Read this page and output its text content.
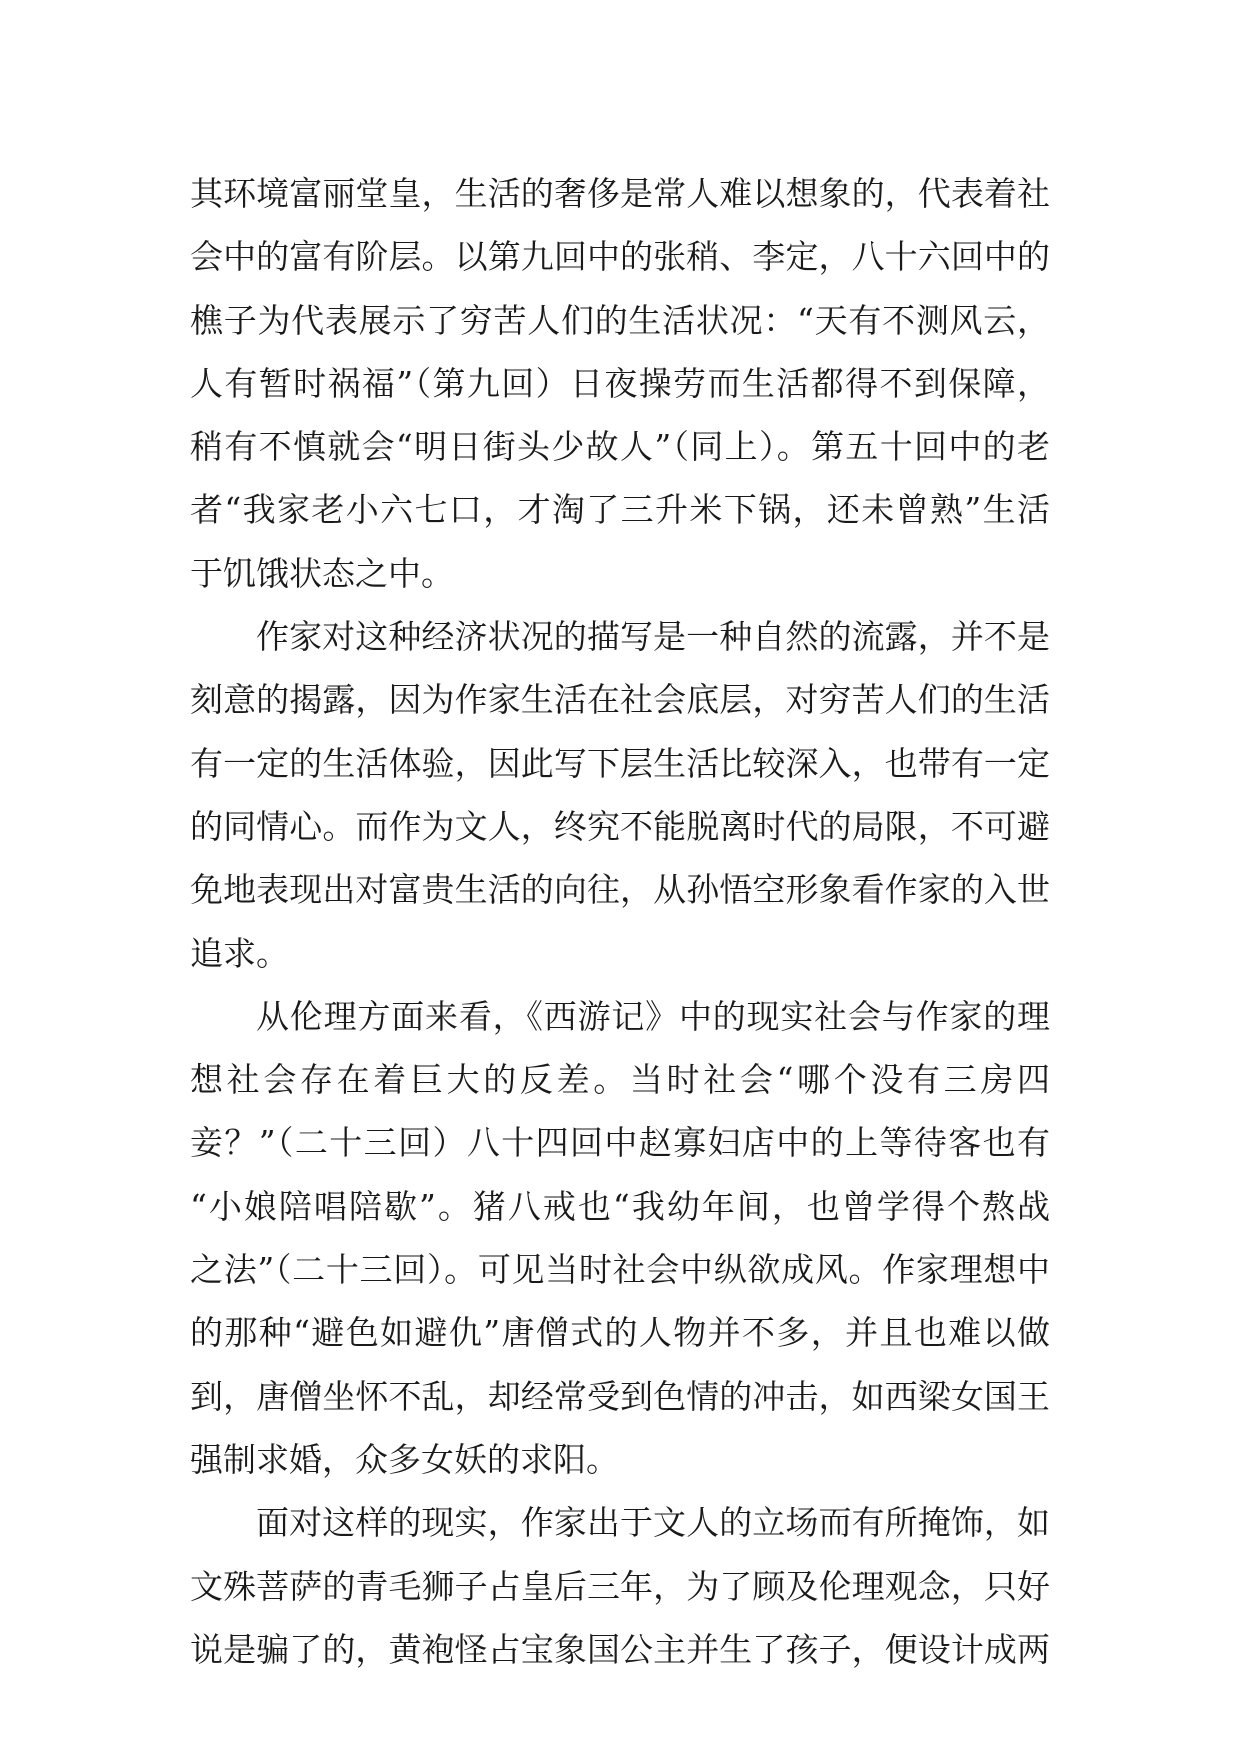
其环境富丽堂皇，生活的奢侈是常人难以想象的，代表着社
会中的富有阶层。以第九回中的张稍、李定，八十六回中的
樵子为代表展示了穷苦人们的生活状况：“天有不测风云，
人有暂时祸福”（第九回）日夜操劳而生活都得不到保障，
稍有不慎就会“明日街头少故人”（同上）。第五十回中的老
者“我家老小六七口，才淘了三升米下锅，还未曾熟”生活
于饥饿状态之中。
作家对这种经济状况的描写是一种自然的流露，并不是
刻意的揭露，因为作家生活在社会底层，对穷苦人们的生活
有一定的生活体验，因此写下层生活比较深入，也带有一定
的同情心。而作为文人，终究不能脱离时代的局限，不可避
免地表现出对富贵生活的向往，从孙悟空形象看作家的入世
追求。
从伦理方面来看，《西游记》中的现实社会与作家的理
想社会存在着巨大的反差。当时社会“哪个没有三房四
妾？”（二十三回）八十四回中赵寡妇店中的上等待客也有
“小娘陪唱陪歇”。猪八戒也“我幼年间，也曾学得个熬战
之法”（二十三回）。可见当时社会中纵欲成风。作家理想中
的那种“避色如避仇”唐僧式的人物并不多，并且也难以做
到，唐僧坐怀不乱，却经常受到色情的冲击，如西梁女国王
强制求婚，众多女妖的求阳。
面对这样的现实，作家出于文人的立场而有所掩饰，如
文殊菩萨的青毛狮子占皇后三年，为了顾及伦理观念，只好
说是骗了的，黄袍怪占宝象国公主并生了孩子，便设计成两
